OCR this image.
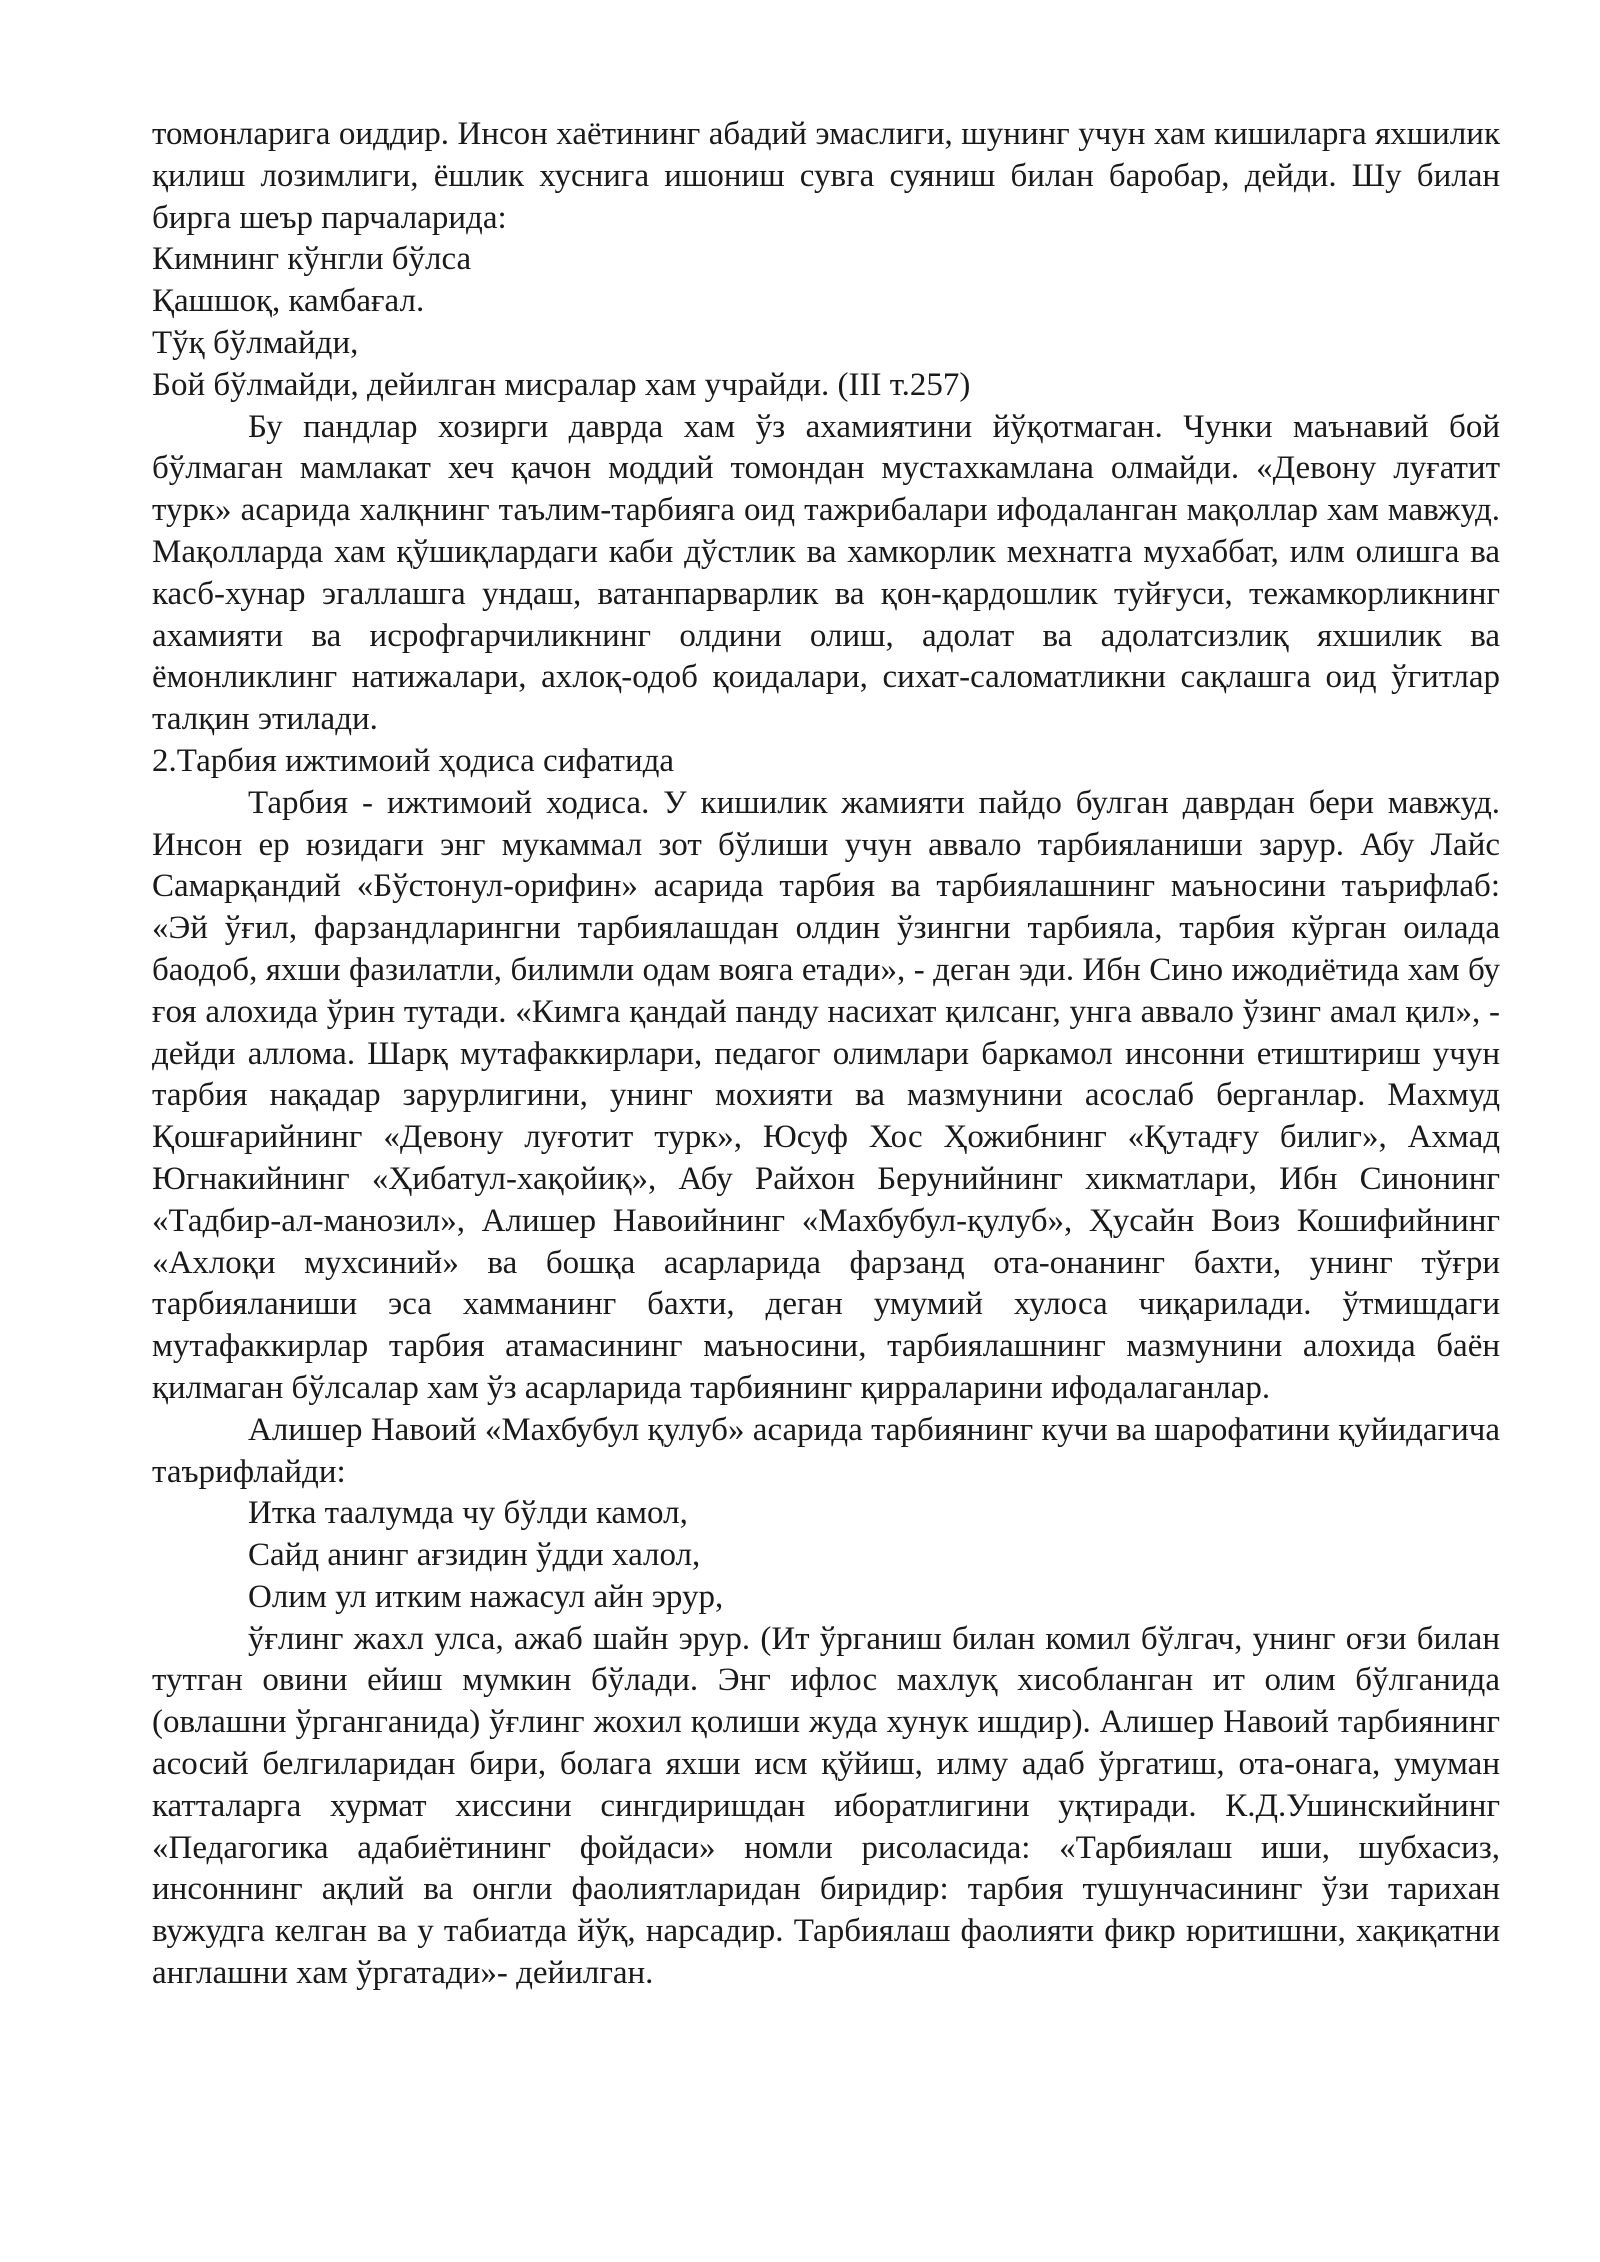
томонларига оиддир. Инсон хаётининг абадий эмаслиги, шунинг учун хам кишиларга яхшилик қилиш лозимлиги, ёшлик хуснига ишониш сувга суяниш билан баробар, дейди. Шу билан бирга шеър парчаларида:

Кимнинг кўнгли бўлса
Қашшоқ, камбағал.
Тўқ бўлмайди,
Бой бўлмайди, дейилган мисралар хам учрайди. (III т.257)

Бу пандлар хозирги даврда хам ўз ахамиятини йўқотмаган. Чунки маънавий бой бўлмаган мамлакат хеч қачон моддий томондан мустахкамлана олмайди. «Девону луғатит турк» асарида халқнинг таълим-тарбияга оид тажрибалари ифодаланган мақоллар хам мавжуд. Мақолларда хам қўшиқлардаги каби дўстлик ва хамкорлик мехнатга мухаббат, илм олишга ва касб-хунар эгаллашга ундаш, ватанпарварлик ва қон-қардошлик туйғуси, тежамкорликнинг ахамияти ва исрофгарчиликнинг олдини олиш, адолат ва адолатсизлиқ яхшилик ва ёмонликлинг натижалари, ахлоқ-одоб қоидалари, сихат-саломатликни сақлашга оид ўгитлар талқин этилади.

2.Тарбия ижтимоий ҳодиса сифатида

Тарбия - ижтимоий ходиса. У кишилик жамияти пайдо булган даврдан бери мавжуд. Инсон ер юзидаги энг мукаммал зот бўлиши учун аввало тарбияланиши зарур. Абу Лайс Самарқандий «Бўстонул-орифин» асарида тарбия ва тарбиялашнинг маъносини таърифлаб: «Эй ўғил, фарзандларингни тарбиялашдан олдин ўзингни тарбияла, тарбия кўрган оилада баодоб, яхши фазилатли, билимли одам вояга етади», - деган эди. Ибн Сино ижодиётида хам бу ғоя алохида ўрин тутади. «Кимга қандай панду насихат қилсанг, унга аввало ўзинг амал қил», - дейди аллома. Шарқ мутафаккирлари, педагог олимлари баркамол инсонни етиштириш учун тарбия нақадар зарурлигини, унинг мохияти ва мазмунини асослаб берганлар. Махмуд Қошғарийнинг «Девону луғотит турк», Юсуф Хос Ҳожибнинг «Қутадғу билиг», Ахмад Югнакийнинг «Ҳибатул-хақойиқ», Абу Райхон Берунийнинг хикматлари, Ибн Синонинг «Тадбир-ал-манозил», Алишер Навоийнинг «Махбубул-қулуб», Ҳусайн Воиз Кошифийнинг «Ахлоқи мухсиний» ва бошқа асарларида фарзанд ота-онанинг бахти, унинг тўғри тарбияланиши эса хамманинг бахти, деган умумий хулоса чиқарилади. ўтмишдаги мутафаккирлар тарбия атамасининг маъносини, тарбиялашнинг мазмунини алохида баён қилмаган бўлсалар хам ўз асарларида тарбиянинг қирраларини ифодалаганлар.

Алишер Навоий «Махбубул қулуб» асарида тарбиянинг кучи ва шарофатини қуйидагича таърифлайди:

Итка таалумда чу бўлди камол,
Сайд анинг ағзидин ўдди халол,
Олим ул итким нажасул айн эрур,

ўғлинг жахл улса, ажаб шайн эрур. (Ит ўрганиш билан комил бўлгач, унинг оғзи билан тутган овини ейиш мумкин бўлади. Энг ифлос махлуқ хисобланган ит олим бўлганида (овлашни ўрганганида) ўғлинг жохил қолиши жуда хунук ишдир). Алишер Навоий тарбиянинг асосий белгиларидан бири, болага яхши исм қўйиш, илму адаб ўргатиш, ота-онага, умуман катталарга хурмат хиссини сингдиришдан иборатлигини уқтиради. К.Д.Ушинскийнинг «Педагогика адабиётининг фойдаси» номли рисоласида: «Тарбиялаш иши, шубхасиз, инсоннинг ақлий ва онгли фаолиятларидан биридир: тарбия тушунчасининг ўзи тарихан вужудга келган ва у табиатда йўқ, нарсадир. Тарбиялаш фаолияти фикр юритишни, хақиқатни англашни хам ўргатади»- дейилган.
